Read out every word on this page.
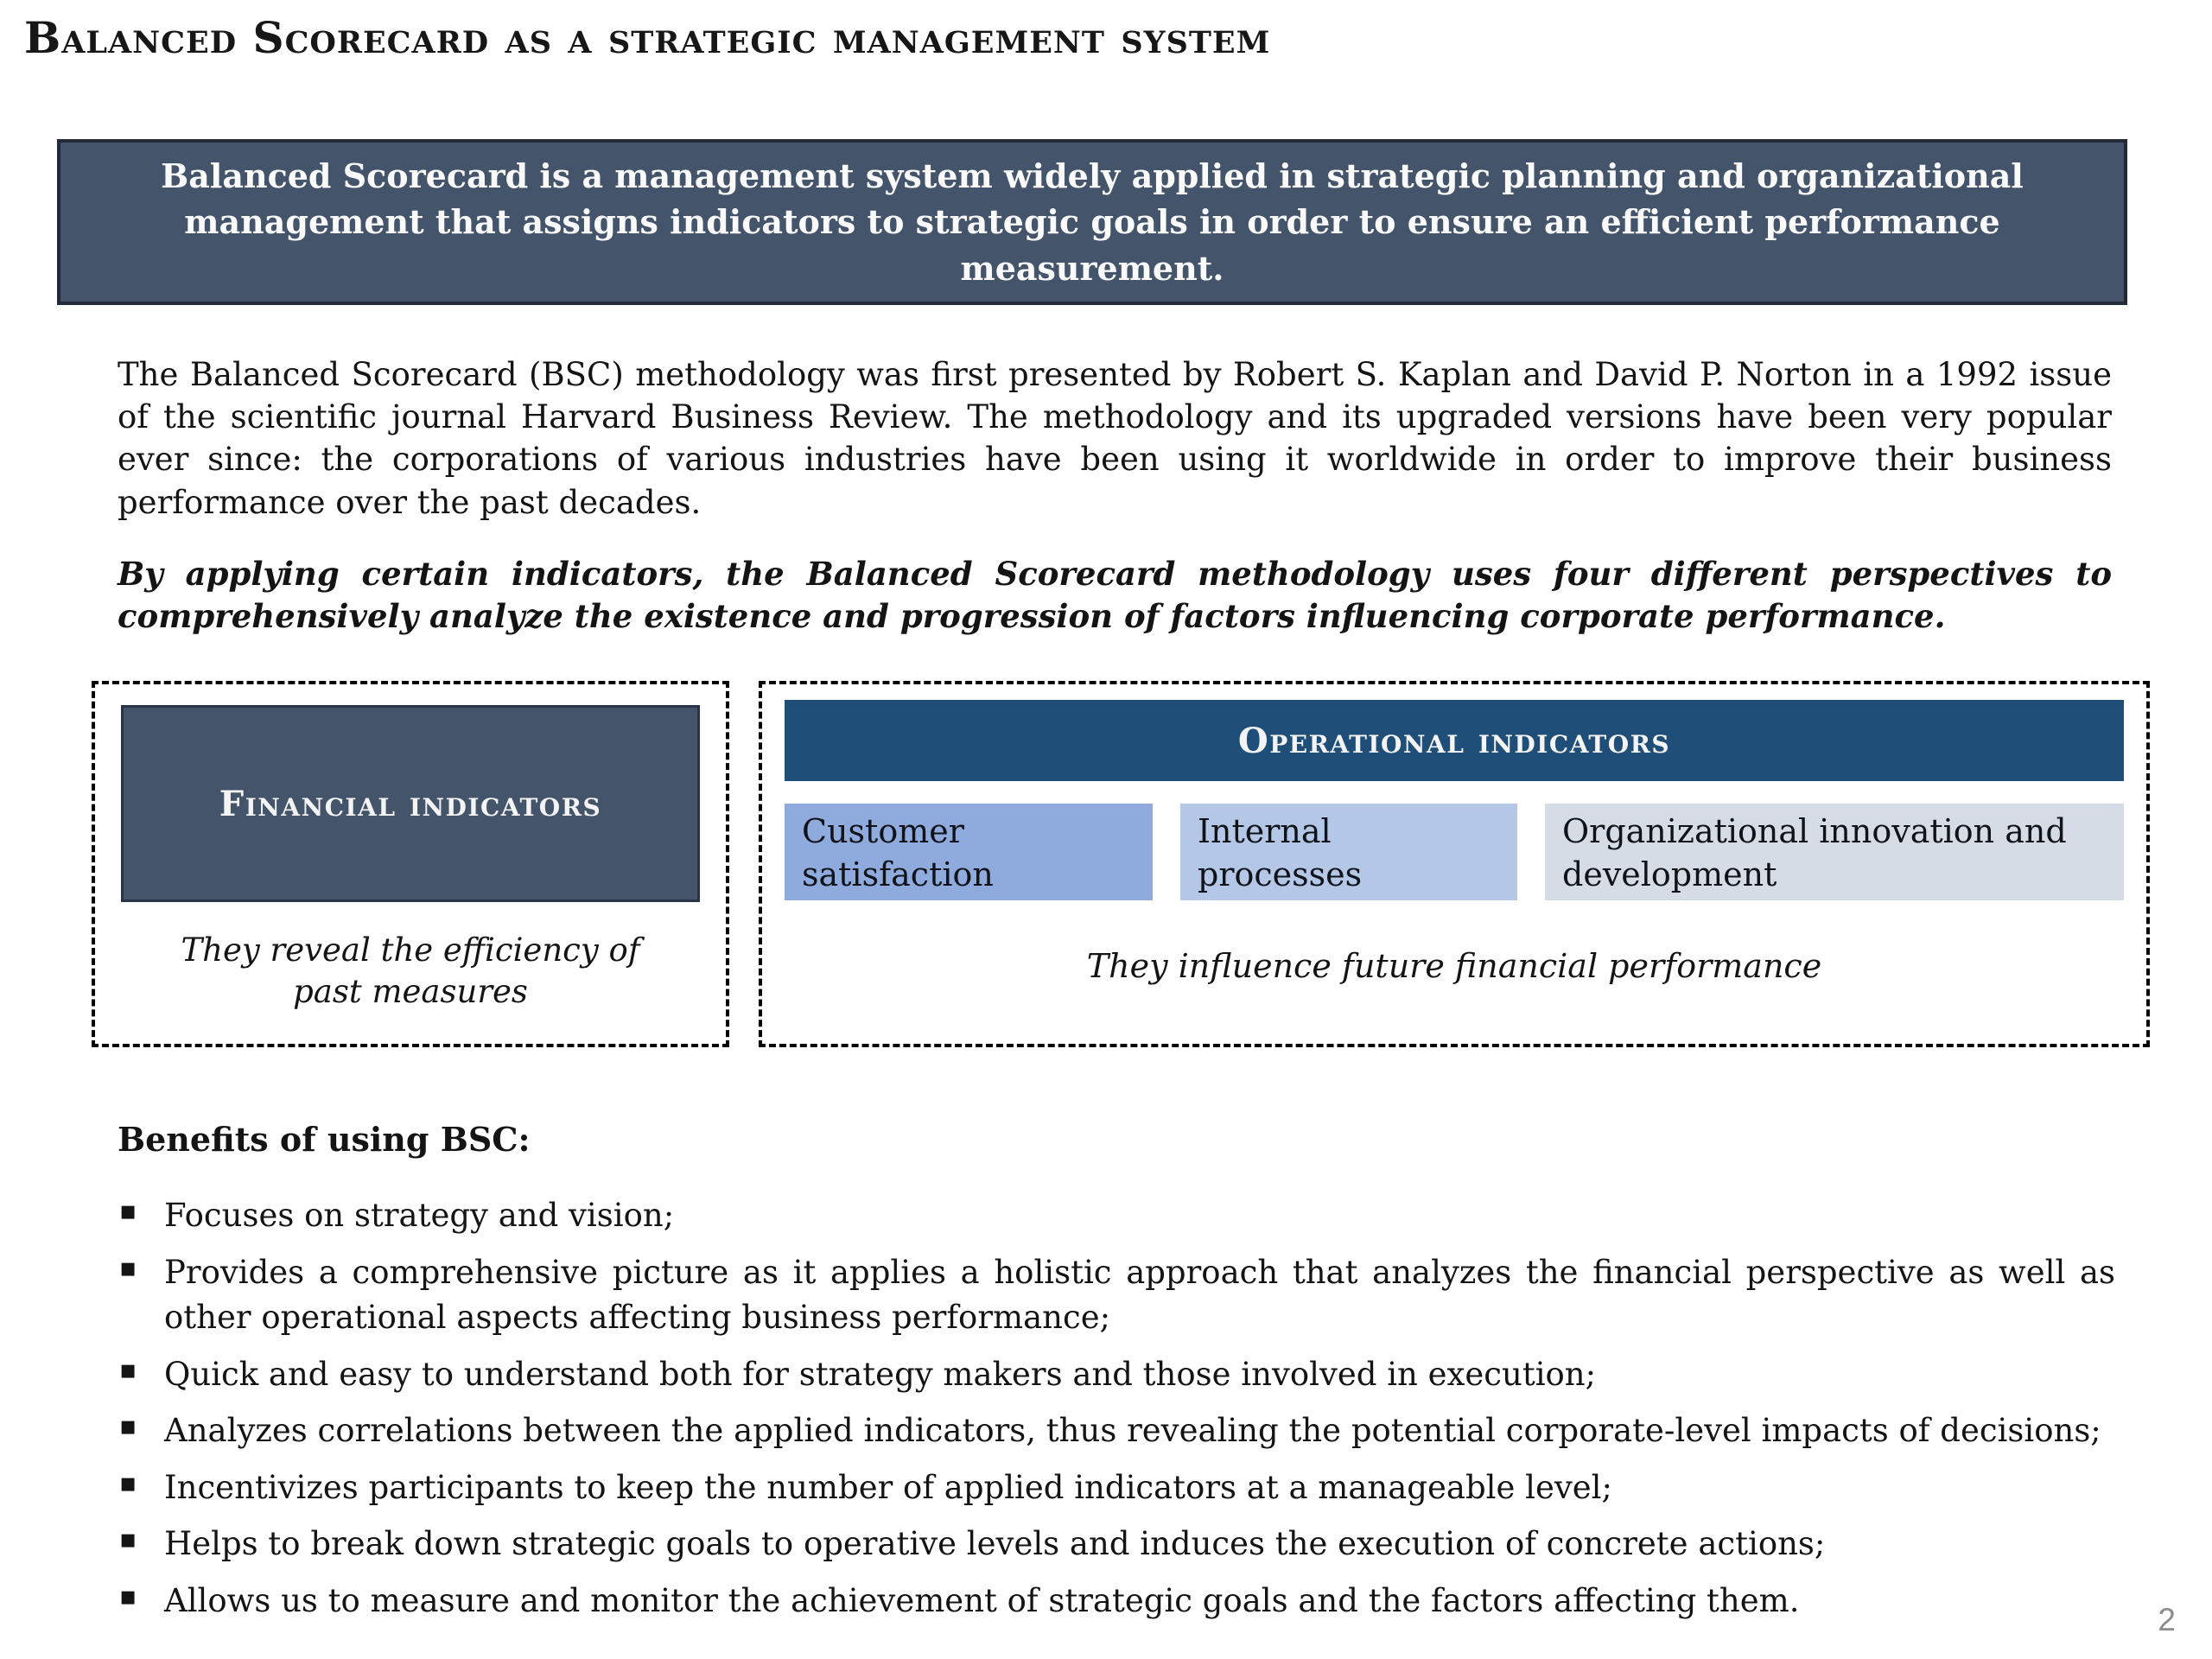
Balanced Scorecard as a strategic management system
Balanced Scorecard is a management system widely applied in strategic planning and organizational management that assigns indicators to strategic goals in order to ensure an efficient performance measurement.

The Balanced Scorecard (BSC) methodology was first presented by Robert S. Kaplan and David P. Norton in a 1992 issue of the scientific journal Harvard Business Review. The methodology and its upgraded versions have been very popular ever since: the corporations of various industries have been using it worldwide in order to improve their business performance over the past decades.

By applying certain indicators, the Balanced Scorecard methodology uses four different perspectives to comprehensively analyze the existence and progression of factors influencing corporate performance.

Financial indicators
They reveal the efficiency of past measures
Operational indicators
Customer satisfaction
Internal processes
Organizational innovation and development
They influence future financial performance
Benefits of using BSC:
▪ Focuses on strategy and vision;
▪ Provides a comprehensive picture as it applies a holistic approach that analyzes the financial perspective as well as other operational aspects affecting business performance;
▪ Quick and easy to understand both for strategy makers and those involved in execution;
▪ Analyzes correlations between the applied indicators, thus revealing the potential corporate-level impacts of decisions;
▪ Incentivizes participants to keep the number of applied indicators at a manageable level;
▪ Helps to break down strategic goals to operative levels and induces the execution of concrete actions;
▪ Allows us to measure and monitor the achievement of strategic goals and the factors affecting them.
2
